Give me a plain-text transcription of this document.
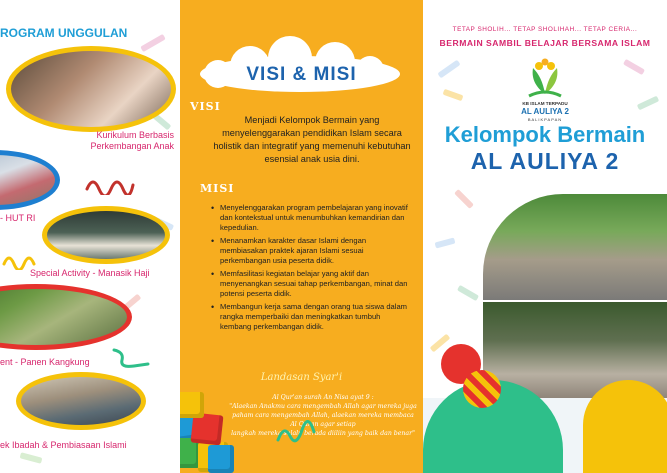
ROGRAM UNGGULAN
Kurikulum Berbasis
Perkembangan Anak
- HUT RI
Special Activity - Manasik Haji
ent - Panen Kangkung
ek Ibadah & Pembiasaan Islami
VISI & MISI
VISI
Menjadi Kelompok Bermain yang menyelenggarakan pendidikan Islam secara holistik dan integratif yang memenuhi kebutuhan esensial anak usia dini.
MISI
• Menyelenggarakan program pembelajaran yang inovatif dan kontekstual untuk menumbuhkan kemandirian dan kepedulian.
• Menanamkan karakter dasar Islami dengan membiasakan praktek ajaran Islami sesuai perkembangan usia peserta didik.
• Memfasilitasi kegiatan belajar yang aktif dan menyenangkan sesuai tahap perkembangan, minat dan potensi peserta didik.
• Membangun kerja sama dengan orang tua siswa dalam rangka memperbaiki dan meningkatkan tumbuh kembang perkembangan didik.
Landasan Syar'i
Al Qur'an surah An Nisa ayat 9 :
"Alaekan Anakmu cara mengembah Allah agar mereka juga
paham cara mengembah Allah, alaekan mereka membaca
Al Quran agar setiap
langkah mereka selalu berada diiliin yang baik dan benar"
TETAP SHOLIH... TETAP SHOLIHAH... TETAP CERIA...
BERMAIN SAMBIL BELAJAR BERSAMA ISLAM
KB ISLAM TERPADU
AL AULIYA 2
BALIKPAPAN
Kelompok Bermain
AL AULIYA 2
